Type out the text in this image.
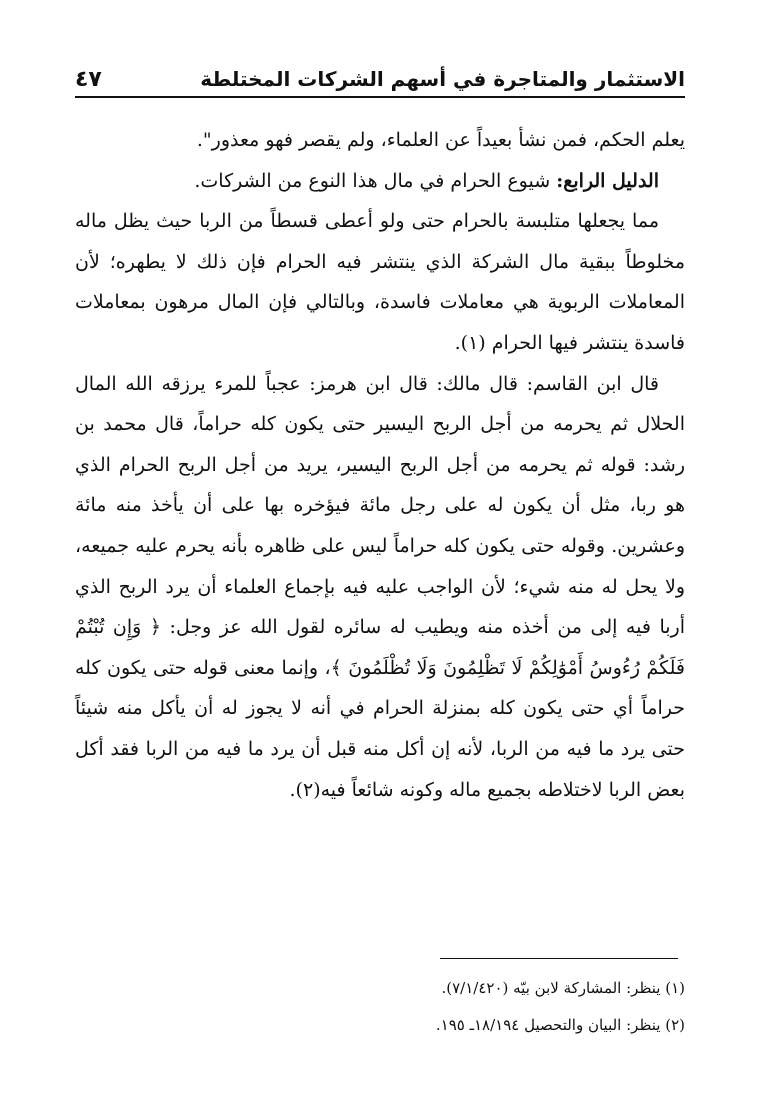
الاستثمار والمتاجرة في أسهم الشركات المختلطة
٤٧

يعلم الحكم، فمن نشأ بعيداً عن العلماء، ولم يقصر فهو معذور".

الدليل الرابع: شيوع الحرام في مال هذا النوع من الشركات.

مما يجعلها متلبسة بالحرام حتى ولو أعطى قسطاً من الربا حيث يظل ماله مخلوطاً ببقية مال الشركة الذي ينتشر فيه الحرام فإن ذلك لا يطهره؛ لأن المعاملات الربوية هي معاملات فاسدة، وبالتالي فإن المال مرهون بمعاملات فاسدة ينتشر فيها الحرام (١).

قال ابن القاسم: قال مالك: قال ابن هرمز: عجباً للمرء يرزقه الله المال الحلال ثم يحرمه من أجل الربح اليسير حتى يكون كله حراماً، قال محمد بن رشد: قوله ثم يحرمه من أجل الربح اليسير، يريد من أجل الربح الحرام الذي هو ربا، مثل أن يكون له على رجل مائة فيؤخره بها على أن يأخذ منه مائة وعشرين. وقوله حتى يكون كله حراماً ليس على ظاهره بأنه يحرم عليه جميعه، ولا يحل له منه شيء؛ لأن الواجب عليه فيه بإجماع العلماء أن يرد الربح الذي أربا فيه إلى من أخذه منه ويطيب له سائره لقول الله عز وجل: ﴿ وَإِن تُبْتُمْ فَلَكُمْ رُءُوسُ أَمْوَٰلِكُمْ لَا تَظْلِمُونَ وَلَا تُظْلَمُونَ ﴾، وإنما معنى قوله حتى يكون كله حراماً أي حتى يكون كله بمنزلة الحرام في أنه لا يجوز له أن يأكل منه شيئاً حتى يرد ما فيه من الربا، لأنه إن أكل منه قبل أن يرد ما فيه من الربا فقد أكل بعض الربا لاختلاطه بجميع ماله وكونه شائعاً فيه(٢).

(١) ينظر: المشاركة لابن بيّه (٧/١/٤٢٠).

(٢) ينظر: البيان والتحصيل ١٨/١٩٤ـ ١٩٥.
